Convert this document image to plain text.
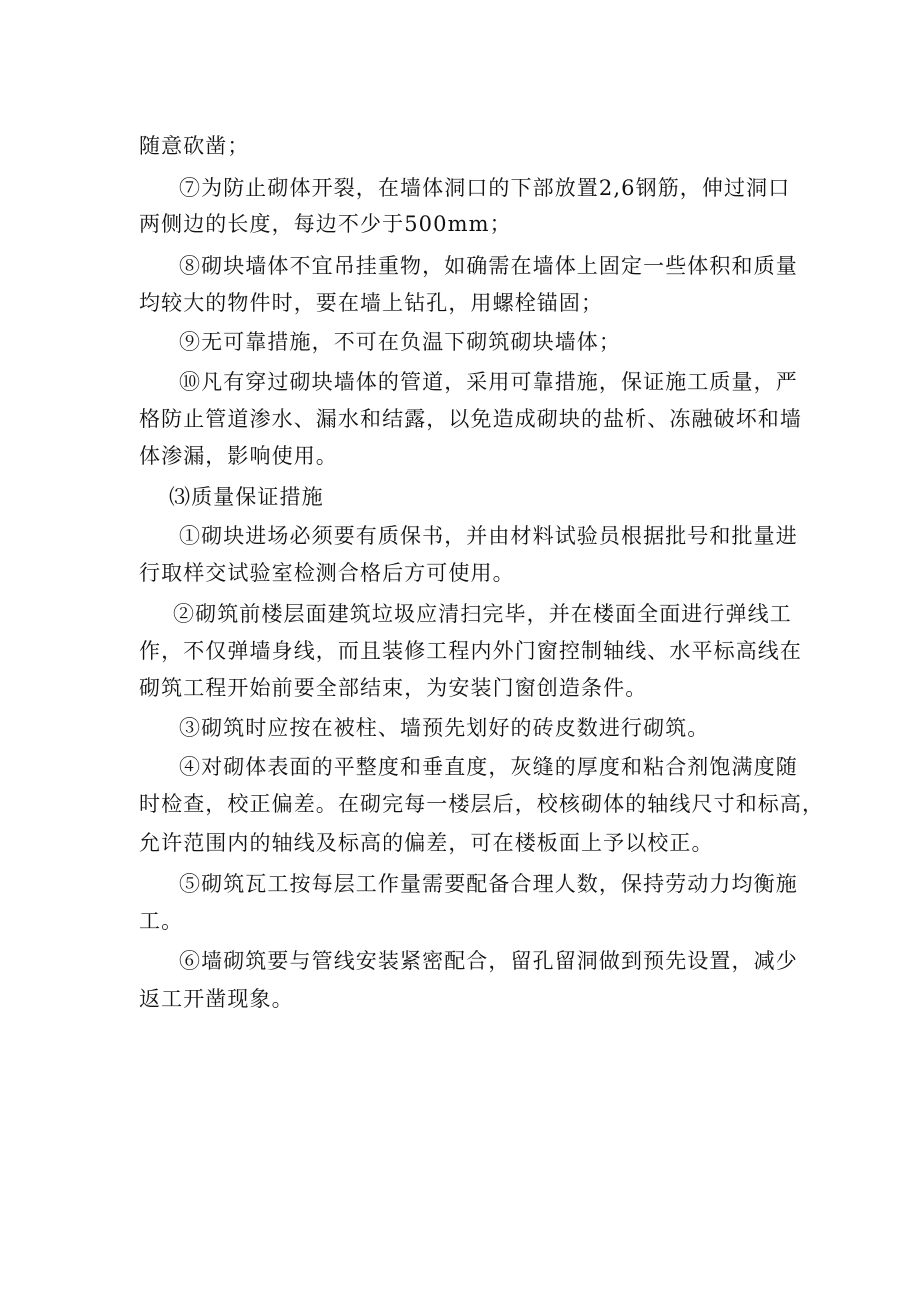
随意砍凿；
⑦为防止砌体开裂，在墙体洞口的下部放置2,6钢筋，伸过洞口
两侧边的长度，每边不少于500mm；
⑧砌块墙体不宜吊挂重物，如确需在墙体上固定一些体积和质量
均较大的物件时，要在墙上钻孔，用螺栓锚固；
⑨无可靠措施，不可在负温下砌筑砌块墙体；
⑩凡有穿过砌块墙体的管道，采用可靠措施，保证施工质量，严
格防止管道渗水、漏水和结露，以免造成砌块的盐析、冻融破坏和墙
体渗漏，影响使用。
⑶质量保证措施
①砌块进场必须要有质保书，并由材料试验员根据批号和批量进
行取样交试验室检测合格后方可使用。
②砌筑前楼层面建筑垃圾应清扫完毕，并在楼面全面进行弹线工
作，不仅弹墙身线，而且装修工程内外门窗控制轴线、水平标高线在
砌筑工程开始前要全部结束，为安装门窗创造条件。
③砌筑时应按在被柱、墙预先划好的砖皮数进行砌筑。
④对砌体表面的平整度和垂直度，灰缝的厚度和粘合剂饱满度随
时检查，校正偏差。在砌完每一楼层后，校核砌体的轴线尺寸和标高，
允许范围内的轴线及标高的偏差，可在楼板面上予以校正。
⑤砌筑瓦工按每层工作量需要配备合理人数，保持劳动力均衡施
工。
⑥墙砌筑要与管线安装紧密配合，留孔留洞做到预先设置，减少
返工开凿现象。
